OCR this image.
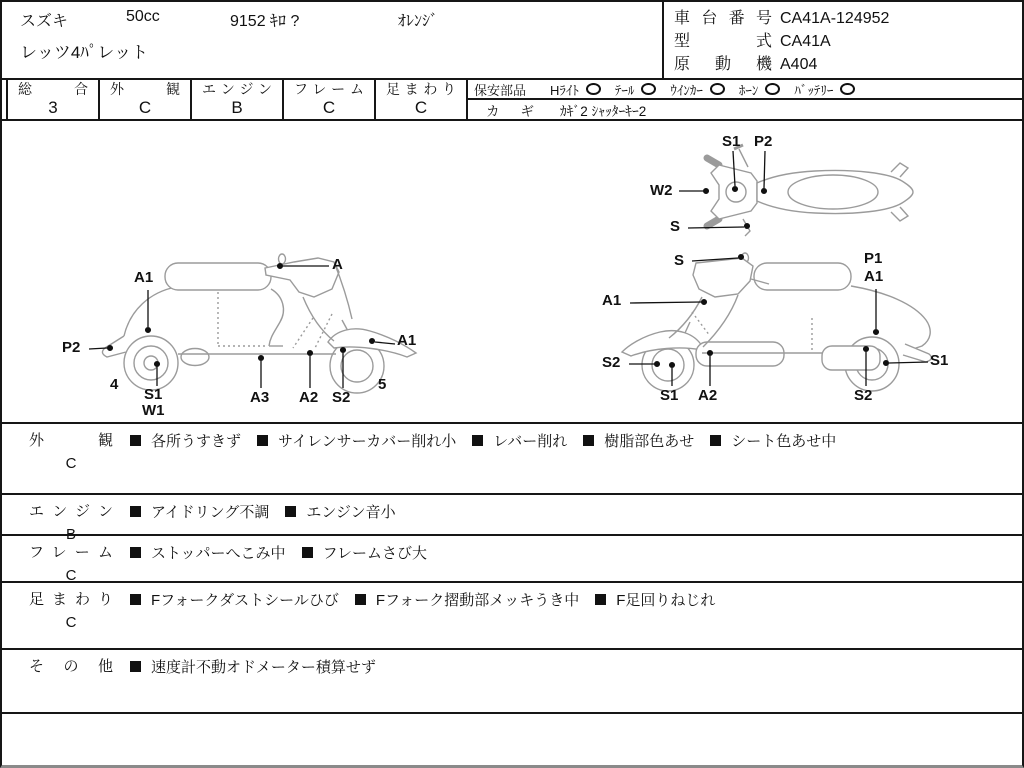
スズキ	50cc	9152 ｷﾛ ?	ｵﾚﾝｼﾞ
レッツ4ﾊﾟレット
車台番号 CA41A-124952
型式 CA41A
原動機 A404
総合
3
外観
C
エンジン
B
フレーム
C
足まわり
C
保安部品	Hﾗｲﾄ	ﾃｰﾙ	ｳｲﾝｶｰ	ﾎｰﾝ	ﾊﾞｯﾃﾘｰ
カギ ｶｷﾞ2 ｼｬｯﾀｰｷｰ2
S1 P2
W2
S
A1
A
P2
4
S1
W1
A3 A2 S2
A1
5
S	P1
A1
A1
S2
S1 A2	S2
S1
外観
C
各所うすきず サイレンサーカバー削れ小 レバー削れ 樹脂部色あせ シート色あせ中
エンジン
B
アイドリング不調 エンジン音小
フレーム
C
ストッパーへこみ中 フレームさび大
足まわり
C
Fフォークダストシールひび Fフォーク摺動部メッキうき中 F足回りねじれ
その他	速度計不動オドメーター積算せず
